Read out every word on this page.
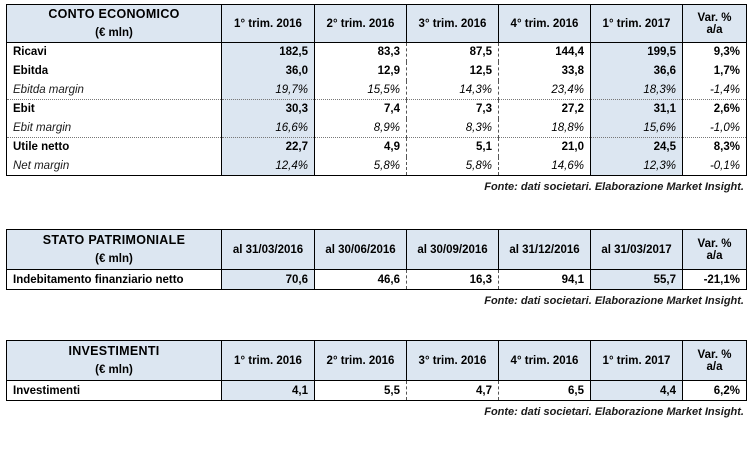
CONTO ECONOMICO	1° trim. 2016	2° trim. 2016	3° trim. 2016	4° trim. 2016	1° trim. 2017	Var. % a/a
(€ mln)						
Ricavi	182,5	83,3	87,5	144,4	199,5	9,3%
Ebitda	36,0	12,9	12,5	33,8	36,6	1,7%
Ebitda margin	19,7%	15,5%	14,3%	23,4%	18,3%	-1,4%
Ebit	30,3	7,4	7,3	27,2	31,1	2,6%
Ebit margin	16,6%	8,9%	8,3%	18,8%	15,6%	-1,0%
Utile netto	22,7	4,9	5,1	21,0	24,5	8,3%
Net margin	12,4%	5,8%	5,8%	14,6%	12,3%	-0,1%
Fonte: dati societari. Elaborazione Market Insight.
STATO PATRIMONIALE	al 31/03/2016	al 30/06/2016	al 30/09/2016	al 31/12/2016	al 31/03/2017	Var. % a/a
(€ mln)						
Indebitamento finanziario netto	70,6	46,6	16,3	94,1	55,7	-21,1%
Fonte: dati societari. Elaborazione Market Insight.
INVESTIMENTI	1° trim. 2016	2° trim. 2016	3° trim. 2016	4° trim. 2016	1° trim. 2017	Var. % a/a
(€ mln)						
Investimenti	4,1	5,5	4,7	6,5	4,4	6,2%
Fonte: dati societari. Elaborazione Market Insight.
